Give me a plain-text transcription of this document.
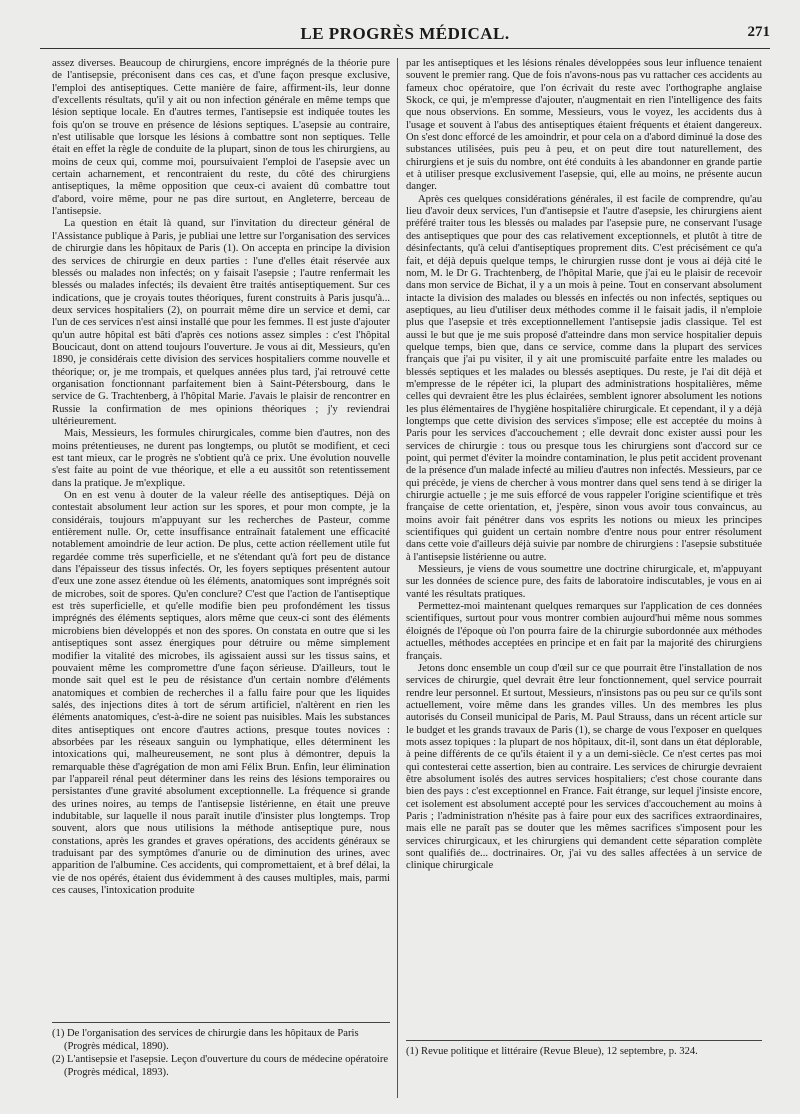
LE PROGRÈS MÉDICAL.	271

assez diverses. Beaucoup de chirurgiens, encore imprégnés de la théorie pure de l'antisepsie, préconisent dans ces cas, et d'une façon presque exclusive, l'emploi des antiseptiques. Cette manière de faire, affirment-ils, leur donne d'excellents résultats, qu'il y ait ou non infection générale en même temps que lésion septique locale. En d'autres termes, l'antisepsie est indiquée toutes les fois qu'on se trouve en présence de lésions septiques. L'asepsie au contraire, n'est utilisable que lorsque les lésions à combattre sont non septiques. Telle était en effet la règle de conduite de la plupart, sinon de tous les chirurgiens, au moins de ceux qui, comme moi, poursuivaient l'emploi de l'asepsie avec un certain acharnement, et rencontraient du reste, du côté des chirurgiens antiseptiques, la même opposition que ceux-ci avaient dû combattre tout d'abord, voire même, pour ne pas dire surtout, en Angleterre, berceau de l'antisepsie.

La question en était là quand, sur l'invitation du directeur général de l'Assistance publique à Paris, je publiai une lettre sur l'organisation des services de chirurgie dans les hôpitaux de Paris (1). On accepta en principe la division des services de chirurgie en deux parties : l'une d'elles était réservée aux blessés ou malades non infectés; on y faisait l'asepsie ; l'autre renfermait les blessés ou malades infectés; ils devaient être traités antiseptiquement. Sur ces indications, que je croyais toutes théoriques, furent construits à Paris jusqu'à... deux services hospitaliers (2), on pourrait même dire un service et demi, car l'un de ces services n'est ainsi installé que pour les femmes. Il est juste d'ajouter qu'un autre hôpital est bâti d'après ces notions assez simples : c'est l'hôpital Boucicaut, dont on attend toujours l'ouverture. Je vous ai dit, Messieurs, qu'en 1890, je considérais cette division des services hospitaliers comme nouvelle et théorique; or, je me trompais, et quelques années plus tard, j'ai retrouvé cette organisation fonctionnant parfaitement bien à Saint-Pétersbourg, dans le service de G. Trachtenberg, à l'hôpital Marie. J'avais le plaisir de rencontrer en Russie la confirmation de mes opinions théoriques ; j'y reviendrai ultérieurement.

Mais, Messieurs, les formules chirurgicales, comme bien d'autres, non des moins prétentieuses, ne durent pas longtemps, ou plutôt se modifient, et ceci est tant mieux, car le progrès ne s'obtient qu'à ce prix. Une évolution nouvelle s'est faite au point de vue théorique, et elle a eu aussitôt son retentissement dans la pratique. Je m'explique.

On en est venu à douter de la valeur réelle des antiseptiques. Déjà on contestait absolument leur action sur les spores, et pour mon compte, je la considérais, toujours m'appuyant sur les recherches de Pasteur, comme entièrement nulle. Or, cette insuffisance entraînait fatalement une efficacité notablement amoindrie de leur action. De plus, cette action réellement utile fut regardée comme très superficielle, et ne s'étendant qu'à fort peu de distance dans l'épaisseur des tissus infectés. Or, les foyers septiques présentent autour d'eux une zone assez étendue où les éléments, anatomiques sont imprégnés soit de microbes, soit de spores. Qu'en conclure? C'est que l'action de l'antiseptique est très superficielle, et qu'elle modifie bien peu profondément les tissus imprégnés des éléments septiques, alors même que ceux-ci sont des éléments microbiens bien développés et non des spores. On constata en outre que si les antiseptiques sont assez énergiques pour détruire ou même simplement modifier la vitalité des microbes, ils agissaient aussi sur les tissus sains, et pouvaient même les compromettre d'une façon sérieuse. D'ailleurs, tout le monde sait quel est le peu de résistance d'un certain nombre d'éléments anatomiques et combien de recherches il a fallu faire pour que les liquides salés, des injections dites à tort de sérum artificiel, n'altèrent en rien les éléments anatomiques, c'est-à-dire ne soient pas nuisibles. Mais les substances dites antiseptiques ont encore d'autres actions, presque toutes novices : absorbées par les réseaux sanguin ou lymphatique, elles déterminent les intoxications qui, malheureusement, ne sont plus à démontrer, depuis la remarquable thèse d'agrégation de mon ami Félix Brun. Enfin, leur élimination par l'appareil rénal peut déterminer dans les reins des lésions temporaires ou persistantes d'une gravité absolument exceptionnelle. La fréquence si grande des urines noires, au temps de l'antisepsie listérienne, en était une preuve indubitable, sur laquelle il nous paraît inutile d'insister plus longtemps. Trop souvent, alors que nous utilisions la méthode antiseptique pure, nous constations, après les grandes et graves opérations, des accidents généraux se traduisant par des symptômes d'anurie ou de diminution des urines, avec apparition de l'albumine. Ces accidents, qui compromettaient, et à bref délai, la vie de nos opérés, étaient dus évidemment à des causes multiples, mais, parmi ces causes, l'intoxication produite

par les antiseptiques et les lésions rénales développées sous leur influence tenaient souvent le premier rang. Que de fois n'avons-nous pas vu rattacher ces accidents au fameux choc opératoire, que l'on écrivait du reste avec l'orthographe anglaise Skock, ce qui, je m'empresse d'ajouter, n'augmentait en rien l'intelligence des faits que nous observions. En somme, Messieurs, vous le voyez, les accidents dus à l'usage et souvent à l'abus des antiseptiques étaient fréquents et étaient dangereux. On s'est donc efforcé de les amoindrir, et pour cela on a d'abord diminué la dose des substances utilisées, puis peu à peu, et on peut dire tout naturellement, des chirurgiens et je suis du nombre, ont été conduits à les abandonner en grande partie et à utiliser presque exclusivement l'asepsie, qui, elle au moins, ne présente aucun danger.

Après ces quelques considérations générales, il est facile de comprendre, qu'au lieu d'avoir deux services, l'un d'antisepsie et l'autre d'asepsie, les chirurgiens aient préféré traiter tous les blessés ou malades par l'asepsie pure, ne conservant l'usage des antiseptiques que pour des cas relativement exceptionnels, et plutôt à titre de désinfectants, qu'à celui d'antiseptiques proprement dits. C'est précisément ce qu'a fait, et déjà depuis quelque temps, le chirurgien russe dont je vous ai déjà cité le nom, M. le Dr G. Trachtenberg, de l'hôpital Marie, que j'ai eu le plaisir de recevoir dans mon service de Bichat, il y a un mois à peine. Tout en conservant absolument intacte la division des malades ou blessés en infectés ou non infectés, septiques ou aseptiques, au lieu d'utiliser deux méthodes comme il le faisait jadis, il n'emploie plus que l'asepsie et très exceptionnellement l'antisepsie jadis classique. Tel est aussi le but que je me suis proposé d'atteindre dans mon service hospitalier depuis quelque temps, bien que, dans ce service, comme dans la plupart des services français que j'ai pu visiter, il y ait une promiscuité parfaite entre les malades ou blessés septiques et les malades ou blessés aseptiques. Du reste, je l'ai dit déjà et m'empresse de le répéter ici, la plupart des administrations hospitalières, même celles qui devraient être les plus éclairées, semblent ignorer absolument les notions les plus élémentaires de l'hygiène hospitalière chirurgicale. Et cependant, il y a déjà longtemps que cette division des services s'impose; elle est acceptée du moins à Paris pour les services d'accouchement ; elle devrait donc exister aussi pour les services de chirurgie : tous ou presque tous les chirurgiens sont d'accord sur ce point, qui permet d'éviter la moindre contamination, le plus petit accident provenant de la présence d'un malade infecté au milieu d'autres non infectés. Messieurs, par ce qui précède, je viens de chercher à vous montrer dans quel sens tend à se diriger la chirurgie actuelle ; je me suis efforcé de vous rappeler l'origine scientifique et très française de cette orientation, et, j'espère, sinon vous avoir tous convaincus, au moins avoir fait pénétrer dans vos esprits les notions ou mieux les principes scientifiques qui guident un certain nombre d'entre nous pour entrer résolument dans cette voie d'ailleurs déjà suivie par nombre de chirurgiens : l'asepsie substituée à l'antisepsie listérienne ou autre.

Messieurs, je viens de vous soumettre une doctrine chirurgicale, et, m'appuyant sur les données de science pure, des faits de laboratoire indiscutables, je vous en ai vanté les résultats pratiques.

Permettez-moi maintenant quelques remarques sur l'application de ces données scientifiques, surtout pour vous montrer combien aujourd'hui même nous sommes éloignés de l'époque où l'on pourra faire de la chirurgie subordonnée aux méthodes actuelles, méthodes acceptées en principe et en fait par la majorité des chirurgiens français.

Jetons donc ensemble un coup d'œil sur ce que pourrait être l'installation de nos services de chirurgie, quel devrait être leur fonctionnement, quel service pourrait rendre leur personnel. Et surtout, Messieurs, n'insistons pas ou peu sur ce qu'ils sont actuellement, voire même dans les grandes villes. Un des membres les plus autorisés du Conseil municipal de Paris, M. Paul Strauss, dans un récent article sur le budget et les grands travaux de Paris (1), se charge de vous l'exposer en quelques mots assez topiques : la plupart de nos hôpitaux, dit-il, sont dans un état déplorable, à peine différents de ce qu'ils étaient il y a un demi-siècle. Ce n'est certes pas moi qui contesterai cette assertion, bien au contraire. Les services de chirurgie devraient être absolument isolés des autres services hospitaliers; c'est chose courante dans bien des pays : c'est exceptionnel en France. Fait étrange, sur lequel j'insiste encore, cet isolement est absolument accepté pour les services d'accouchement au moins à Paris ; l'administration n'hésite pas à faire pour eux des sacrifices extraordinaires, mais elle ne paraît pas se douter que les mêmes sacrifices s'imposent pour les services chirurgicaux, et les chirurgiens qui demandent cette séparation complète sont qualifiés de... doctrinaires. Or, j'ai vu des salles affectées à un service de clinique chirurgicale

(1) De l'organisation des services de chirurgie dans les hôpitaux de Paris (Progrès médical, 1890).

(2) L'antisepsie et l'asepsie. Leçon d'ouverture du cours de médecine opératoire (Progrès médical, 1893).

(1) Revue politique et littéraire (Revue Bleue), 12 septembre, p. 324.
